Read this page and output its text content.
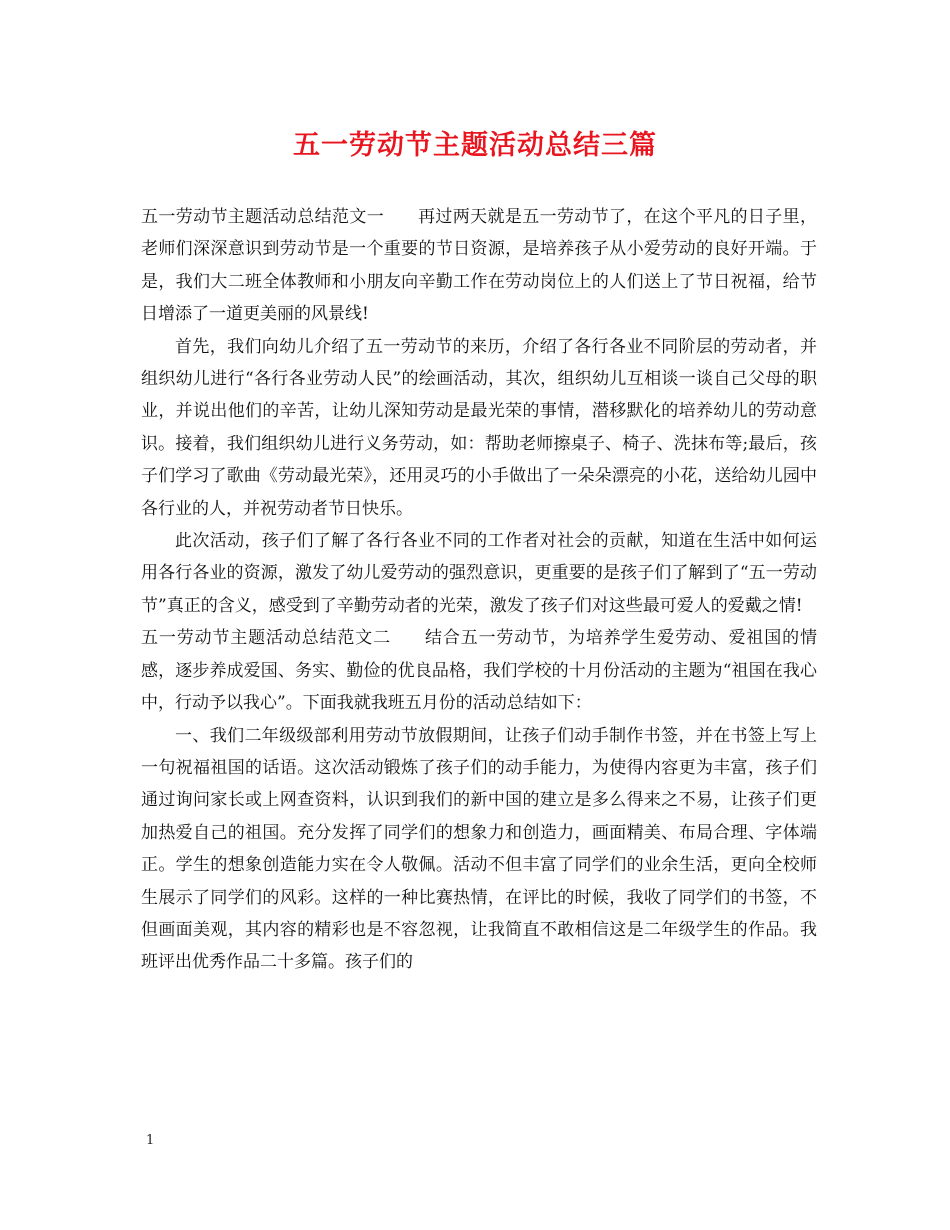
五一劳动节主题活动总结三篇

五一劳动节主题活动总结范文一 再过两天就是五一劳动节了，在这个平凡的日子里，老师们深深意识到劳动节是一个重要的节日资源，是培养孩子从小爱劳动的良好开端。于是，我们大二班全体教师和小朋友向辛勤工作在劳动岗位上的人们送上了节日祝福，给节日增添了一道更美丽的风景线!

首先，我们向幼儿介绍了五一劳动节的来历，介绍了各行各业不同阶层的劳动者，并组织幼儿进行“各行各业劳动人民”的绘画活动，其次，组织幼儿互相谈一谈自己父母的职业，并说出他们的辛苦，让幼儿深知劳动是最光荣的事情，潜移默化的培养幼儿的劳动意识。接着，我们组织幼儿进行义务劳动，如：帮助老师擦桌子、椅子、洗抹布等;最后，孩子们学习了歌曲《劳动最光荣》，还用灵巧的小手做出了一朵朵漂亮的小花，送给幼儿园中各行业的人，并祝劳动者节日快乐。

此次活动，孩子们了解了各行各业不同的工作者对社会的贡献，知道在生活中如何运用各行各业的资源，激发了幼儿爱劳动的强烈意识，更重要的是孩子们了解到了“五一劳动节”真正的含义，感受到了辛勤劳动者的光荣，激发了孩子们对这些最可爱人的爱戴之情!

五一劳动节主题活动总结范文二 结合五一劳动节，为培养学生爱劳动、爱祖国的情感，逐步养成爱国、务实、勤俭的优良品格，我们学校的十月份活动的主题为“祖国在我心中，行动予以我心”。下面我就我班五月份的活动总结如下：

一、我们二年级级部利用劳动节放假期间，让孩子们动手制作书签，并在书签上写上一句祝福祖国的话语。这次活动锻炼了孩子们的动手能力，为使得内容更为丰富，孩子们通过询问家长或上网查资料，认识到我们的新中国的建立是多么得来之不易，让孩子们更加热爱自己的祖国。充分发挥了同学们的想象力和创造力，画面精美、布局合理、字体端正。学生的想象创造能力实在令人敬佩。活动不但丰富了同学们的业余生活，更向全校师生展示了同学们的风彩。这样的一种比赛热情，在评比的时候，我收了同学们的书签，不但画面美观，其内容的精彩也是不容忽视，让我简直不敢相信这是二年级学生的作品。我班评出优秀作品二十多篇。孩子们的

1
